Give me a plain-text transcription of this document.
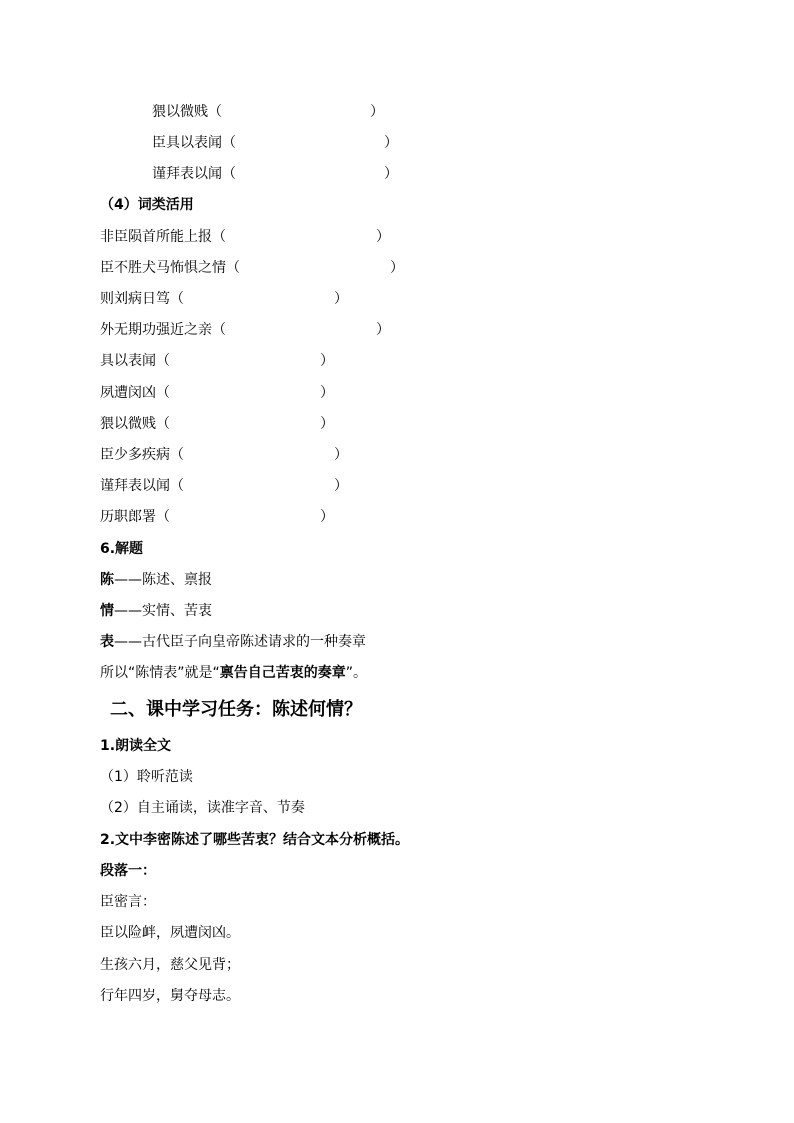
猥以微贱（	）
臣具以表闻（	）
谨拜表以闻（	）
（4）词类活用
非臣陨首所能上报（	）
臣不胜犬马怖惧之情（	）
则刘病日笃（	）
外无期功强近之亲（	）
具以表闻（	）
夙遭闵凶（	）
猥以微贱（	）
臣少多疾病（	）
谨拜表以闻（	）
历职郎署（	）
6.解题
陈——陈述、禀报
情——实情、苦衷
表——古代臣子向皇帝陈述请求的一种奏章
所以“陈情表”就是“禀告自己苦衷的奏章”。
二、课中学习任务：陈述何情？
1.朗读全文
（1）聆听范读
（2）自主诵读，读准字音、节奏
2.文中李密陈述了哪些苦衷？结合文本分析概括。
段落一：
臣密言：
臣以险衅，夙遭闵凶。
生孩六月，慈父见背；
行年四岁，舅夺母志。
